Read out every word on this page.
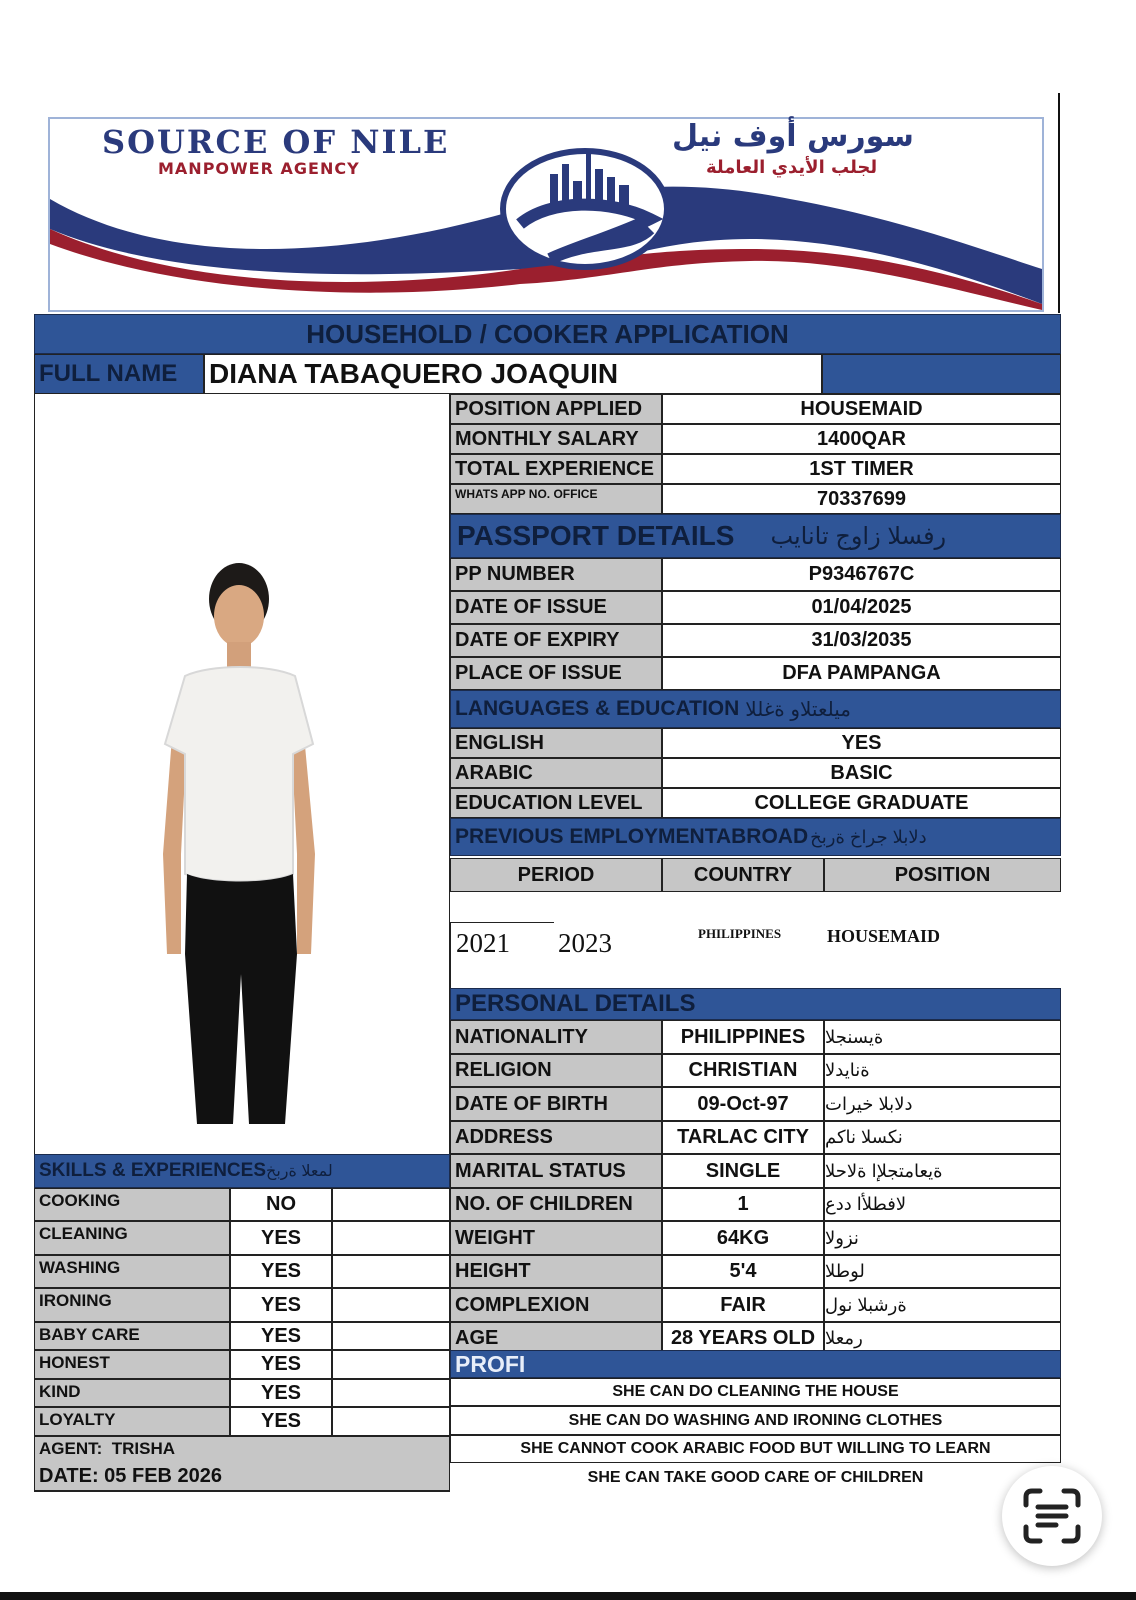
SOURCE OF NILE
MANPOWER AGENCY
سورس أوف نيل
لجلب الأيدي العاملة
HOUSEHOLD / COOKER APPLICATION
FULL NAME DIANA TABAQUERO JOAQUIN
POSITION APPLIED	HOUSEMAID
MONTHLY SALARY	1400QAR
TOTAL EXPERIENCE	1ST TIMER
WHATS APP NO. OFFICE	70337699
PASSPORT DETAILS رفسلا زاوج تانايب
PP NUMBER	P9346767C
DATE OF ISSUE	01/04/2025
DATE OF EXPIRY	31/03/2035
PLACE OF ISSUE	DFA PAMPANGA
LANGUAGES & EDUCATION ميلعتلاو ةغللا
ENGLISH	YES
ARABIC	BASIC
EDUCATION LEVEL	COLLEGE GRADUATE
PREVIOUS EMPLOYMENTABROAD دلابلا جراخ ةربخ
PERIOD	COUNTRY	POSITION
2021 2023	PHILIPPINES	HOUSEMAID
PERSONAL DETAILS
NATIONALITY	PHILIPPINES ةيسنجلا
RELIGION	CHRISTIAN ةنايدلا
DATE OF BIRTH	09-Oct-97 دلابلا خيرات
ADDRESS	TARLAC CITY نكسلا ناكم
MARITAL STATUS	SINGLE ةيعامتجلإا ةلاحلا
NO. OF CHILDREN	1	لافطلأا ددع
WEIGHT	64KG	نزولا
HEIGHT	5'4	لوطلا
COMPLEXION	FAIR	ةرشبلا نول
AGE	28 YEARS OLD رمعلا
SKILLS & EXPERIENCES لمعلا ةربخ
COOKING	NO
CLEANING	YES
WASHING	YES
IRONING	YES
BABY CARE	YES
HONEST	YES
KIND	YES
LOYALTY	YES
AGENT:  TRISHA
DATE: 05 FEB 2026
PROFI
SHE CAN DO CLEANING THE HOUSE
SHE CAN DO WASHING AND IRONING CLOTHES
SHE CANNOT COOK ARABIC FOOD BUT WILLING TO LEARN
SHE CAN TAKE GOOD CARE OF CHILDREN
